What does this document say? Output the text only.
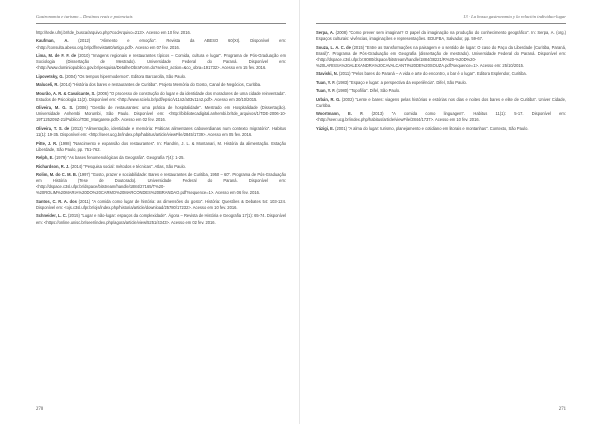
Gastronomia e turismo – Destinos reais e potenciais

http://tede.ufrrj.br/tde_busca/arquivo.php?codArquivo=213>. Acesso em 10 fev. 2016.

Kaufman, A. (2012) "Alimento e emoção". Revista da ABESO 60(XI). Disponível em: <http://consulta.abeso.org.br/pdf/revista60/artigo.pdf>. Acesso em 07 fev. 2016.

Lima, M. de F. F. de (2010) "Imagens regionais e restaurantes típicos – Comida, cultura e lugar". Programa de Pós-Graduação em Sociologia (Dissertação de Mestrado). Universidade Federal do Paraná. Disponível em: <http://www.dominiopublico.gov.br/pesquisa/DetalheObraForm.do?select_action=&co_obra=191732>. Acesso em 15 fev. 2016.

Lipovetsky, G. (2004) "Os tempos hipermodernos". Editora Barcarolla, São Paulo.

Maluceli, R. (2014) "História dos bares e restaurantes de Curitiba". Projeto Memória do Gosto, Canal de Negócios, Curitiba.

Mourão, A. R. & Cavalcante, S. (2006) "O processo de construção do lugar e da identidade dos moradores de uma cidade reinventada". Estudos de Psicologia 11(2). Disponível em: <http://www.scielo.br/pdf/epsic/v11n2/a03v11n2.pdf>. Acesso em 30/10/2015.

Oliveira, M. G. S. (2006) "Gestão de restaurantes: uma prática de hospitalidade". Mestrado em Hospitalidade (Dissertação). Universidade Anhembi Morumbi, São Paulo. Disponível em: <http://bibliotecadigital.anhembi.br/tde_arquivos/1/TDE-2006-10-19T125209Z-21/Publico/TDE_Margarete.pdf>. Acesso em 02 fev. 2016.

Oliveira, T. S. de (2013) "Alimentação, identidade e memória: Práticas alimentares caboverdianas num contexto migratório". Habitus 11(1): 19-35. Disponível em: <http://seer.ucg.br/index.php/habitus/article/viewFile/2845/1739>. Acesso em 05 fev. 2016.

Pitte, J. R. (1998) "Nascimento e expansão dos restaurantes". In: Flandrin, J. L. & Montanari, M. História da alimentação. Estação Liberdade, São Paulo, pp. 751-762.

Relph, E. (1979) "As bases fenomenológicas da Geografia". Geografia 7(4): 1-25.

Richardson, R. J. (2014) "Pesquisa social: métodos e técnicas". Atlas, São Paulo.

Rolim, M. do C. M. B. (1997) "Gosto, prazer e sociabilidade: Bares e restaurantes de Curitiba, 1950 – 60". Programa de Pós-Graduação em História (Tese de Doutorado). Universidade Federal do Paraná. Disponível em: <http://dspace.c3sl.ufpr.br/dspace/bitstream/handle/1884/27165/T%20-%20ROLIM%20MARIA%20DO%20CARMO%20MARCONDES%20BRANDAO.pdf?sequence=1>. Acesso em 06 fev. 2016.

Santos, C. R. A. dos (2011) "A comida como lugar de história: as dimensões do gosto". História: Questões & Debates 54: 103-124. Disponível em: <ojs.c3sl.ufpr.br/ojs/index.php/historia/article/download/25780/17232>. Acesso em 10 fev. 2016.

Schneider, L. C. (2015) "Lugar e não-lugar: espaços da complexidade". Ágora – Revista de História e Geografia 17(1): 65-74. Disponível em: <https://online.unisc.br/seer/index.php/agora/article/view/5251/4343>. Acesso em 02 fev. 2016.

270
13 · La bossa gastronomia y la relación individuo-lugar

Serpa, A. (2008) "Como prever sem imaginar? O papel da imaginação na produção do conhecimento geográfico". In: Serpa, A. (org.) Espaços culturais: vivências, imaginações e representações. EDUFBA, Salvador, pp. 59-67.

Souza, L. A. C. de (2015) "Entre as transformações na paisagem e o sentido de lugar: O caso do Paço da Liberdade (Curitiba, Paraná, Brasil)". Programa de Pós-Graduação em Geografia (dissertação de mestrado). Universidade Federal do Paraná. Disponível em: <http://dspace.c3sl.ufpr.br:8080/dspace/bitstream/handle/1884/38221/R%20-%20D%20-%20LARISSA%20ALEXANDRA%20CAVALCANTI%20DE%20SOUZA.pdf?sequence=1>. Acesso em: 25/10/2015.

Staviski, N. (2011) "Pelos bares do Paraná – A vida e arte do encontro, o bar é o lugar". Editora Esplendor, Curitiba.

Tuan, Y. F. (1983) "Espaço e lugar: a perspectiva da experiência". Difel, São Paulo.

Tuan, Y. F. (1980) "Topofilia". Difel, São Paulo.

Urbán, R. G. (2002) "Lente e bares: viagens pelas histórias e estórias nos dias e noites dos bares e elite de Curitiba". Univer Cidade, Curitiba.

Woortmann, E. F. (2013) "A comida como linguagem". Habitus 11(1): 5-17. Disponível em: <http://seer.ucg.br/index.php/habitus/article/viewFile/2844/1737>. Acesso em 10 fev. 2016.

Yázigi, E. (2001) "A alma do lugar: turismo, planejamento e cotidiano em litorais e montanhas". Contexto, São Paulo.

271
